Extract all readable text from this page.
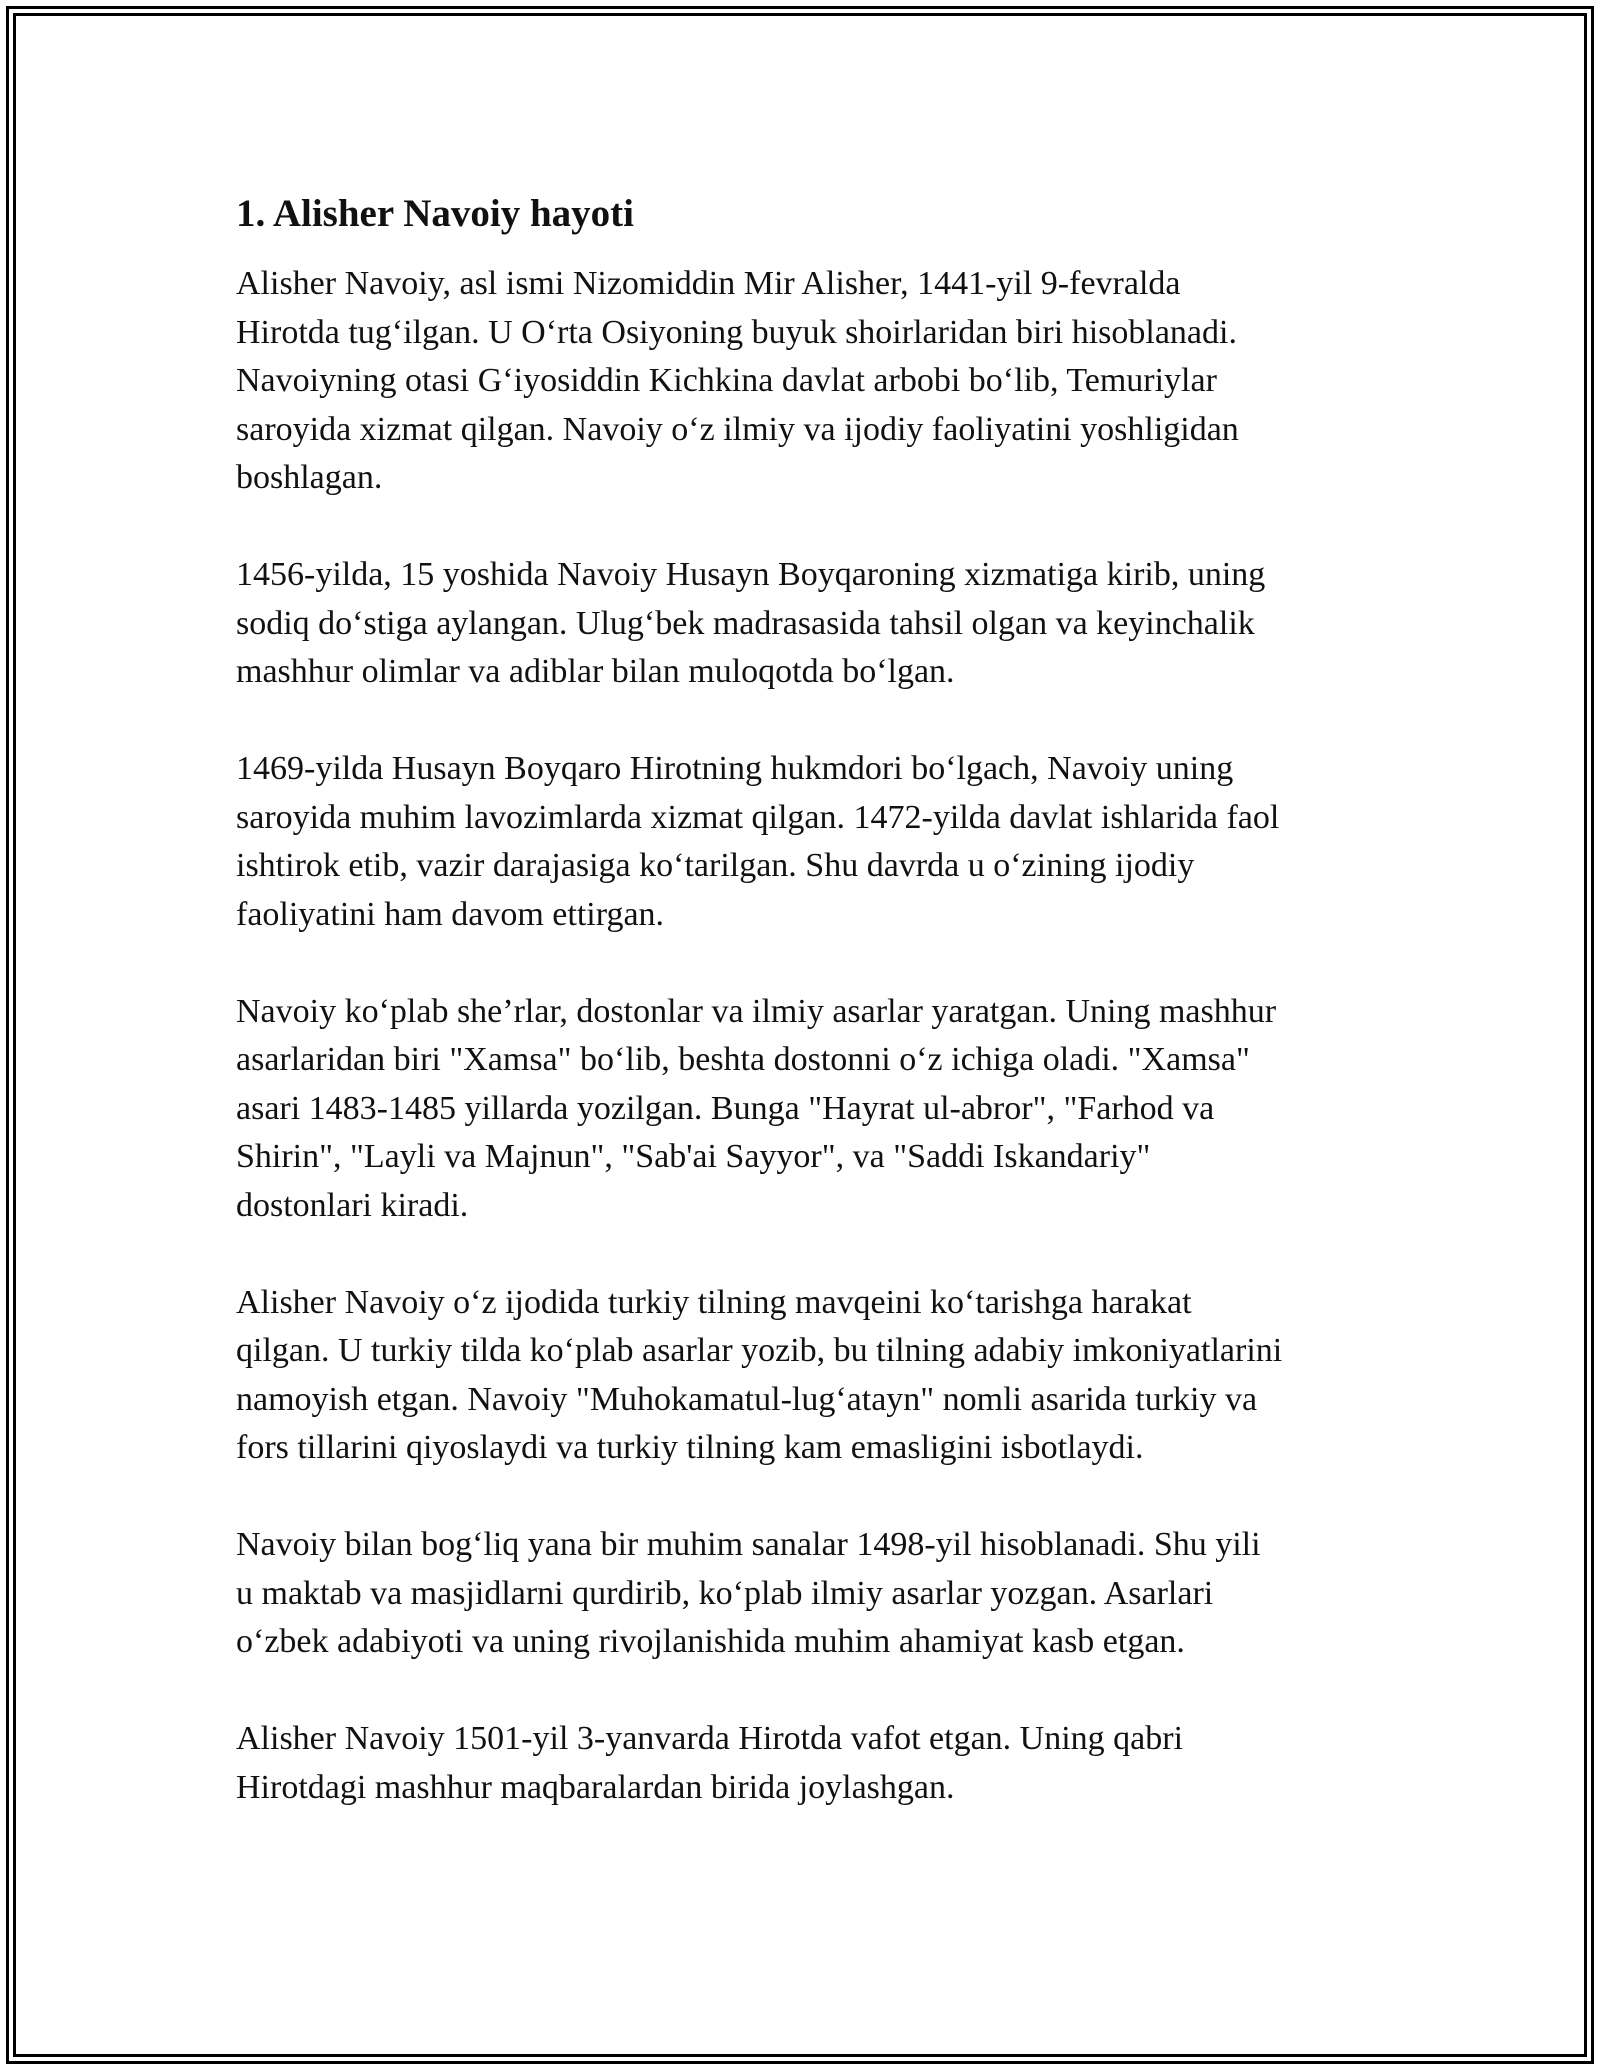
1. Alisher Navoiy hayoti

Alisher Navoiy, asl ismi Nizomiddin Mir Alisher, 1441-yil 9-fevralda
Hirotda tug‘ilgan. U O‘rta Osiyoning buyuk shoirlaridan biri hisoblanadi.
Navoiyning otasi G‘iyosiddin Kichkina davlat arbobi bo‘lib, Temuriylar
saroyida xizmat qilgan. Navoiy o‘z ilmiy va ijodiy faoliyatini yoshligidan
boshlagan.

1456-yilda, 15 yoshida Navoiy Husayn Boyqaroning xizmatiga kirib, uning
sodiq do‘stiga aylangan. Ulug‘bek madrasasida tahsil olgan va keyinchalik
mashhur olimlar va adiblar bilan muloqotda bo‘lgan.

1469-yilda Husayn Boyqaro Hirotning hukmdori bo‘lgach, Navoiy uning
saroyida muhim lavozimlarda xizmat qilgan. 1472-yilda davlat ishlarida faol
ishtirok etib, vazir darajasiga ko‘tarilgan. Shu davrda u o‘zining ijodiy
faoliyatini ham davom ettirgan.

Navoiy ko‘plab she’rlar, dostonlar va ilmiy asarlar yaratgan. Uning mashhur
asarlaridan biri "Xamsa" bo‘lib, beshta dostonni o‘z ichiga oladi. "Xamsa"
asari 1483-1485 yillarda yozilgan. Bunga "Hayrat ul-abror", "Farhod va
Shirin", "Layli va Majnun", "Sab'ai Sayyor", va "Saddi Iskandariy"
dostonlari kiradi.

Alisher Navoiy o‘z ijodida turkiy tilning mavqeini ko‘tarishga harakat
qilgan. U turkiy tilda ko‘plab asarlar yozib, bu tilning adabiy imkoniyatlarini
namoyish etgan. Navoiy "Muhokamatul-lug‘atayn" nomli asarida turkiy va
fors tillarini qiyoslaydi va turkiy tilning kam emasligini isbotlaydi.

Navoiy bilan bog‘liq yana bir muhim sanalar 1498-yil hisoblanadi. Shu yili
u maktab va masjidlarni qurdirib, ko‘plab ilmiy asarlar yozgan. Asarlari
o‘zbek adabiyoti va uning rivojlanishida muhim ahamiyat kasb etgan.

Alisher Navoiy 1501-yil 3-yanvarda Hirotda vafot etgan. Uning qabri
Hirotdagi mashhur maqbaralardan birida joylashgan.
